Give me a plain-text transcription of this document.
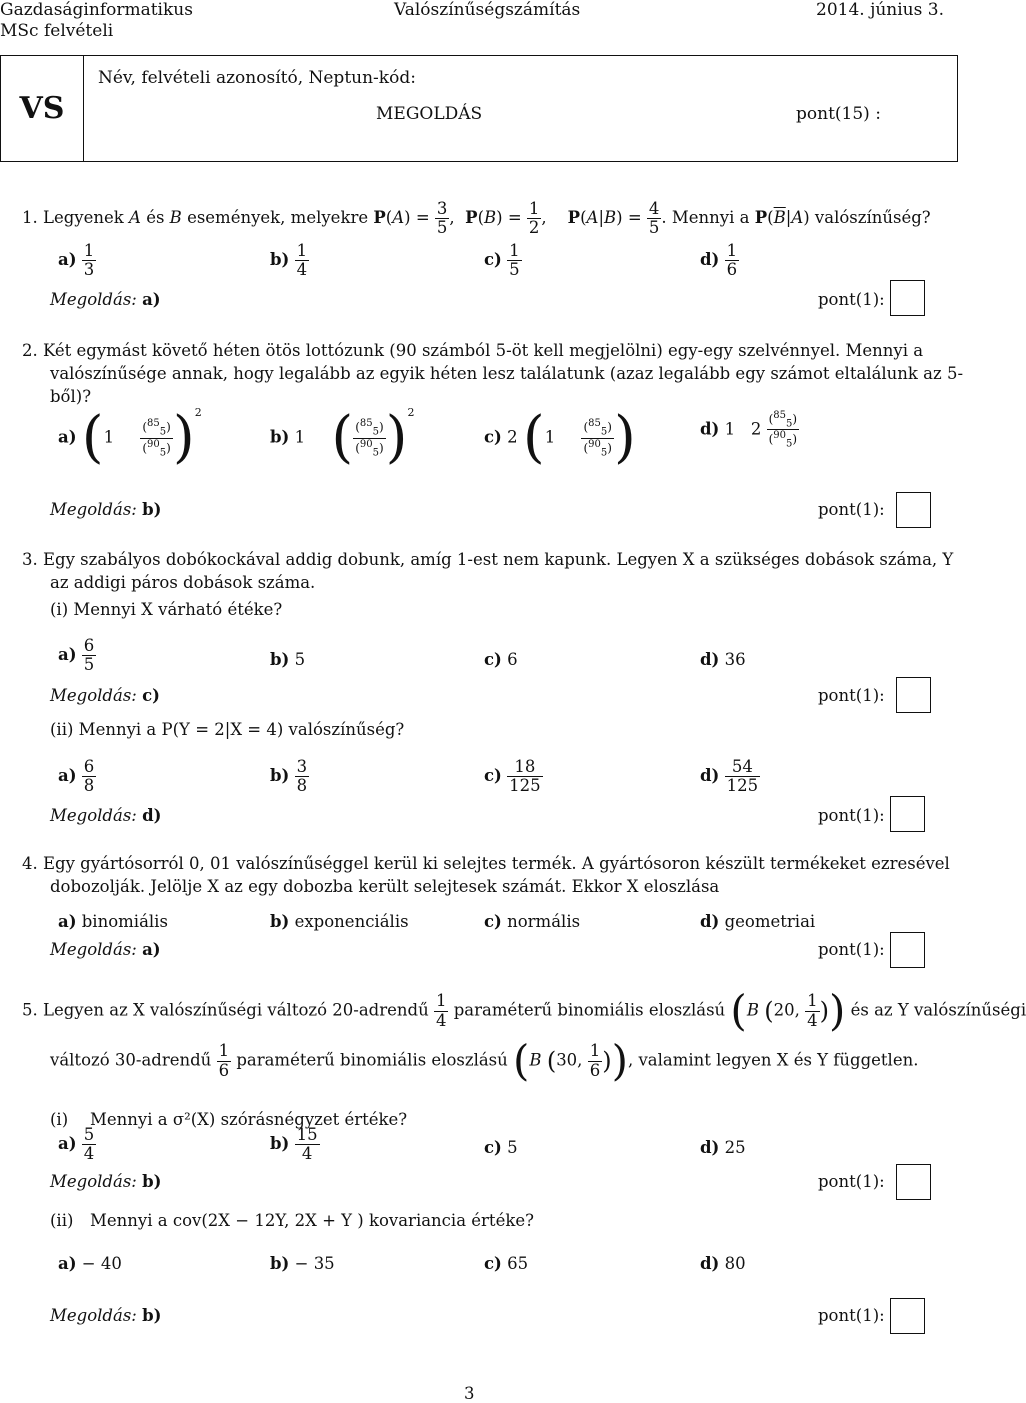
Gazdaságinformatikus
MSc felvételi
Valószínűségszámítás	2014. június 3.
VS	
Név, felvételi azonosító, Neptun-kód:
MEGOLDÁS	pont(15) :
1. Legyenek A és B események, melyekre $P(A) = \frac{3}{5}$ ,  $P(B) = \frac{1}{2}$ ,    $P(A|B) = \frac{4}{5}$ . Mennyi a $P(\overline{B}|A)$ valószínűség?
$a) \frac{1}{3}$	$b) \frac{1}{4}$	$c) \frac{1}{5}$	$d) \frac{1}{6}$
Megoldás: a)	pont(1):
2. Két egymást követő héten ötös lottózunk (90 számból 5-öt kell megjelölni) egy-egy szelvénnyel. Mennyi a
valószínűsége annak, hogy legalább az egyik héten lesz találatunk (azaz legalább egy számot eltalálunk az 5-
ből)?
a) $(1 \frac{(^{85}_5)}{(^{90}_5)} )^2$
b) 1     ( $\frac{(^{85}_5)}{(^{90}_5)} )^2$
c) 2 ($1 \frac{(^{85}_5)}{(^{90}_5)}$ )	d) 1   $2 \frac{(^{85}_5)}{(^{90}_5)}$
Megoldás: b)	pont(1):
3. Egy szabályos dobókockával addig dobunk, amíg 1-est nem kapunk. Legyen X a szükséges dobások száma, Y
az addigi páros dobások száma.
(i) Mennyi X várható étéke?
$a) \frac{6}{5}$	b) 5	c) 6	d) 36
Megoldás: c)	pont(1):
(ii) Mennyi a P(Y = 2|X = 4) valószínűség?
$a) \frac{6}{8}$	$b) \frac{3}{8}$	$c) \frac{18}{125}$	$d) \frac{54}{125}$
Megoldás: d)	pont(1):
4. Egy gyártósorról 0, 01 valószínűséggel kerül ki selejtes termék. A gyártósoron készült termékeket ezresével
dobozolják. Jelölje X az egy dobozba került selejtesek számát. Ekkor X eloszlása
a) binomiális	b) exponenciális	c) normális	d) geometriai
Megoldás: a)	pont(1):
5. Legyen az X valószínűségi változó 20-adrendű $\frac{1}{4}$ paraméterű binomiális eloszlású (B (20, $\frac{1}{4}$ )) és az Y valószínűségi
változó 30-adrendű $\frac{1}{6}$ paraméterű binomiális eloszlású (B (30, $\frac{1}{6}$ )), valamint legyen X és Y független.
(i) Mennyi a σ²(X) szórásnégyzet értéke?
$a) \frac{5}{4}$	$b) \frac{15}{4}$	c) 5	d) 25
Megoldás: b)	pont(1):
(ii) Mennyi a cov(2X − 12Y, 2X + Y ) kovariancia értéke?
a) − 40	b) − 35	c) 65	d) 80
Megoldás: b)	pont(1):
3
